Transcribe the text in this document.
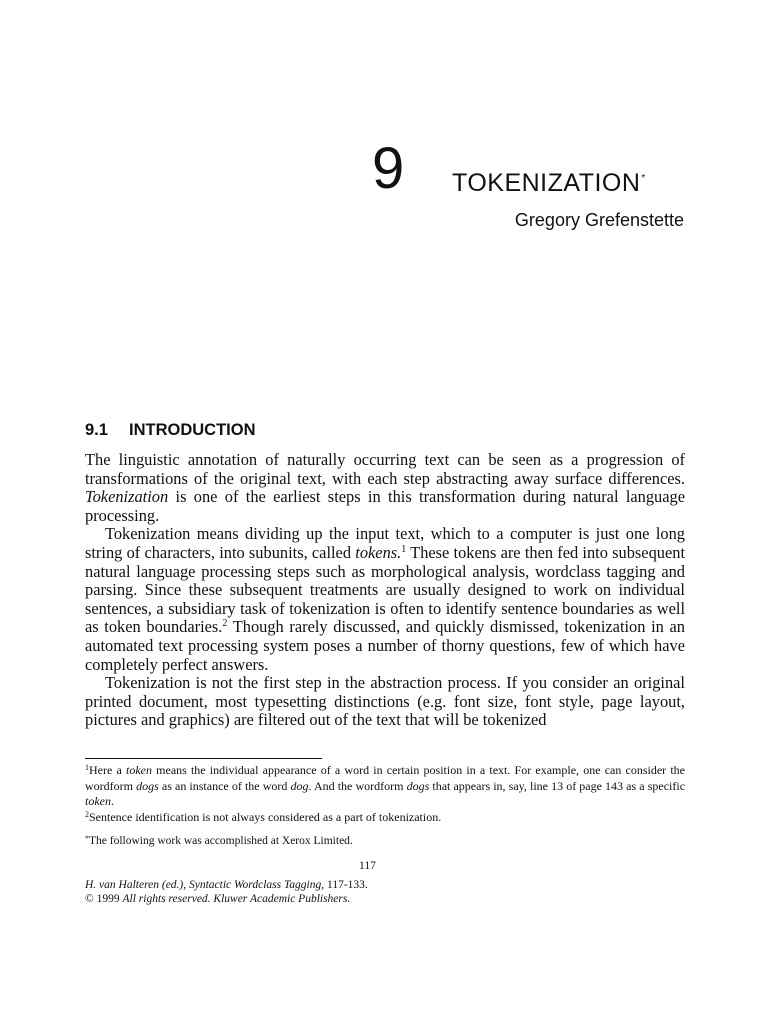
9 TOKENIZATION*
Gregory Grefenstette
9.1 INTRODUCTION

The linguistic annotation of naturally occurring text can be seen as a progression of transformations of the original text, with each step abstracting away surface differences. Tokenization is one of the earliest steps in this transformation during natural language processing.

Tokenization means dividing up the input text, which to a computer is just one long string of characters, into subunits, called tokens.$^1$ These tokens are then fed into subsequent natural language processing steps such as morphological analysis, wordclass tagging and parsing. Since these subsequent treatments are usually designed to work on individual sentences, a subsidiary task of tokenization is often to identify sentence boundaries as well as token boundaries.$^2$ Though rarely discussed, and quickly dismissed, tokenization in an automated text processing system poses a number of thorny questions, few of which have completely perfect answers.

Tokenization is not the first step in the abstraction process. If you consider an original printed document, most typesetting distinctions (e.g. font size, font style, page layout, pictures and graphics) are filtered out of the text that will be tokenized

$^1$Here a token means the individual appearance of a word in certain position in a text. For example, one can consider the wordform dogs as an instance of the word dog. And the wordform dogs that appears in, say, line 13 of page 143 as a specific token.

$^2$Sentence identification is not always considered as a part of tokenization.

*The following work was accomplished at Xerox Limited.
117
H. van Halteren (ed.), Syntactic Wordclass Tagging, 117-133.
© 1999 All rights reserved. Kluwer Academic Publishers.
